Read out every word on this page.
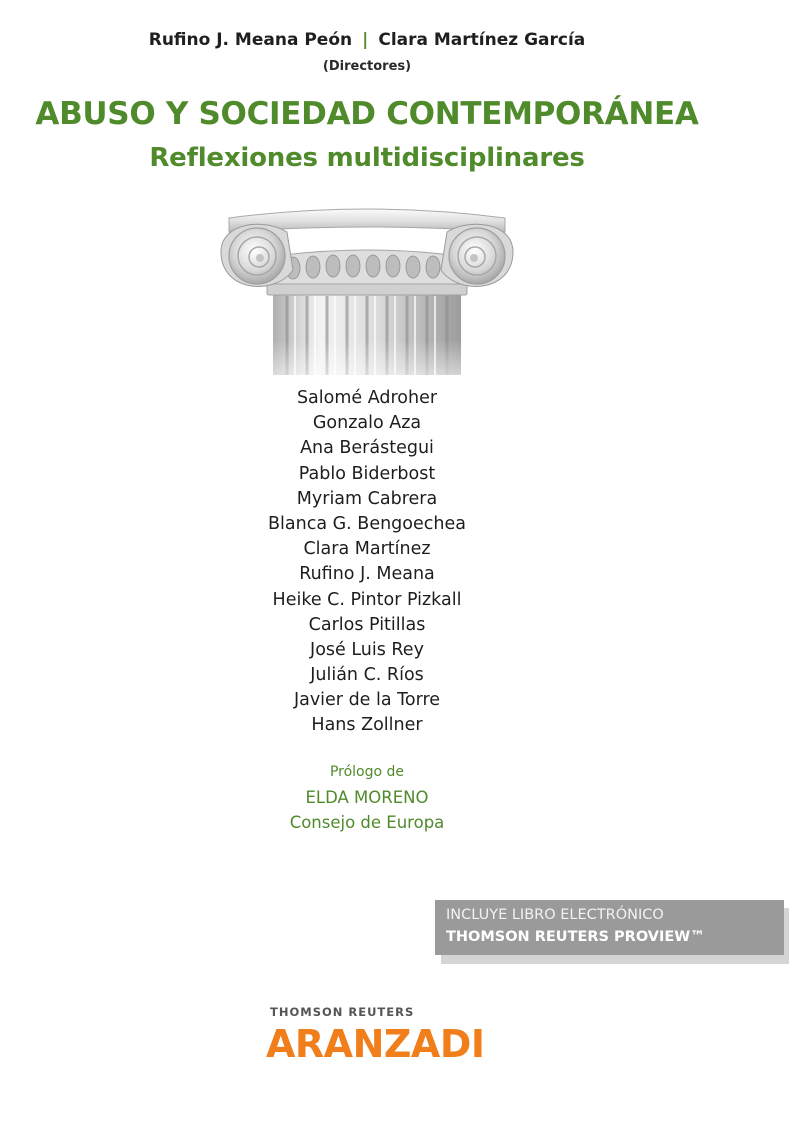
Rufino J. Meana Peón | Clara Martínez García
(Directores)
ABUSO Y SOCIEDAD CONTEMPORÁNEA
Reflexiones multidisciplinares
Salomé Adroher
Gonzalo Aza
Ana Berástegui
Pablo Biderbost
Myriam Cabrera
Blanca G. Bengoechea
Clara Martínez
Rufino J. Meana
Heike C. Pintor Pizkall
Carlos Pitillas
José Luis Rey
Julián C. Ríos
Javier de la Torre
Hans Zollner
Prólogo de
ELDA MORENO
Consejo de Europa
INCLUYE LIBRO ELECTRÓNICO
THOMSON REUTERS PROVIEW™
THOMSON REUTERS
ARANZADI
